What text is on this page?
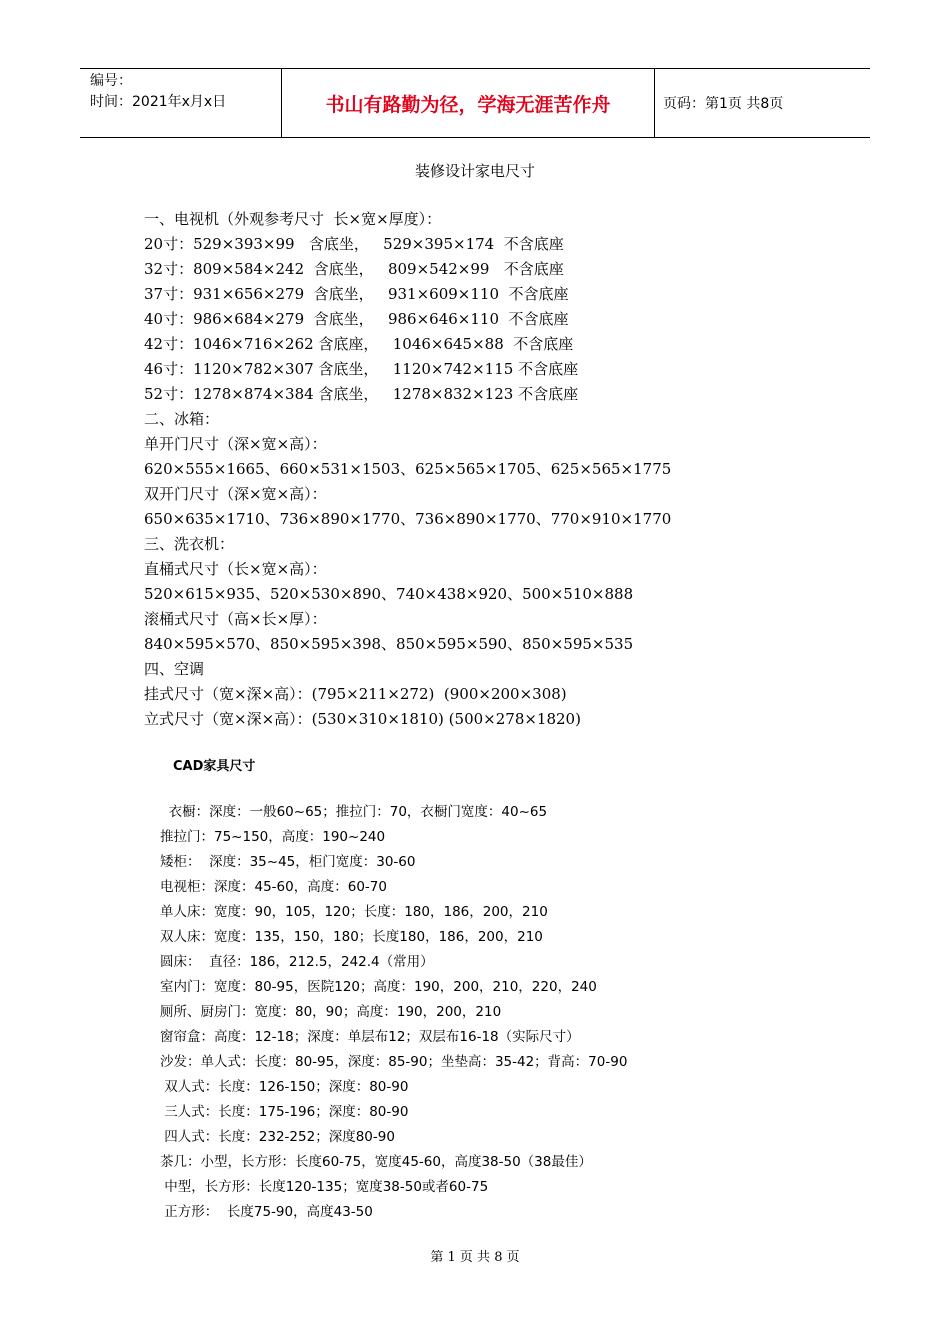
编号：
时间：2021年x月x日	书山有路勤为径，学海无涯苦作舟	页码：第1页 共8页
装修设计家电尺寸
一、电视机（外观参考尺寸  长×宽×厚度）：
20寸：529×393×99   含底坐，   529×395×174  不含底座
32寸：809×584×242  含底坐，   809×542×99   不含底座
37寸：931×656×279  含底坐，   931×609×110  不含底座
40寸：986×684×279  含底坐，   986×646×110  不含底座
42寸：1046×716×262 含底座，   1046×645×88  不含底座
46寸：1120×782×307 含底坐，   1120×742×115 不含底座
52寸：1278×874×384 含底坐，   1278×832×123 不含底座
二、冰箱：
单开门尺寸（深×宽×高）：
620×555×1665、660×531×1503、625×565×1705、625×565×1775
双开门尺寸（深×宽×高）：
650×635×1710、736×890×1770、736×890×1770、770×910×1770
三、洗衣机：
直桶式尺寸（长×宽×高）：
520×615×935、520×530×890、740×438×920、500×510×888
滚桶式尺寸（高×长×厚）：
840×595×570、850×595×398、850×595×590、850×595×535
四、空调
挂式尺寸（宽×深×高）：(795×211×272)  (900×200×308)
立式尺寸（宽×深×高）：(530×310×1810) (500×278×1820)
CAD家具尺寸
衣橱：深度：一般60~65；推拉门：70，衣橱门宽度：40~65
推拉门：75~150，高度：190~240
矮柜：  深度：35~45，柜门宽度：30-60
电视柜：深度：45-60，高度：60-70
单人床：宽度：90，105，120；长度：180，186，200，210
双人床：宽度：135，150，180；长度180，186，200，210
圆床：  直径：186，212.5，242.4（常用）
室内门：宽度：80-95，医院120；高度：190，200，210，220，240
厕所、厨房门：宽度：80，90；高度：190，200，210
窗帘盒：高度：12-18；深度：单层布12；双层布16-18（实际尺寸）
沙发：单人式：长度：80-95，深度：85-90；坐垫高：35-42；背高：70-90
双人式：长度：126-150；深度：80-90
三人式：长度：175-196；深度：80-90
四人式：长度：232-252；深度80-90
茶几：小型，长方形：长度60-75，宽度45-60，高度38-50（38最佳）
中型，长方形：长度120-135；宽度38-50或者60-75
正方形：  长度75-90，高度43-50
第 1 页 共 8 页
